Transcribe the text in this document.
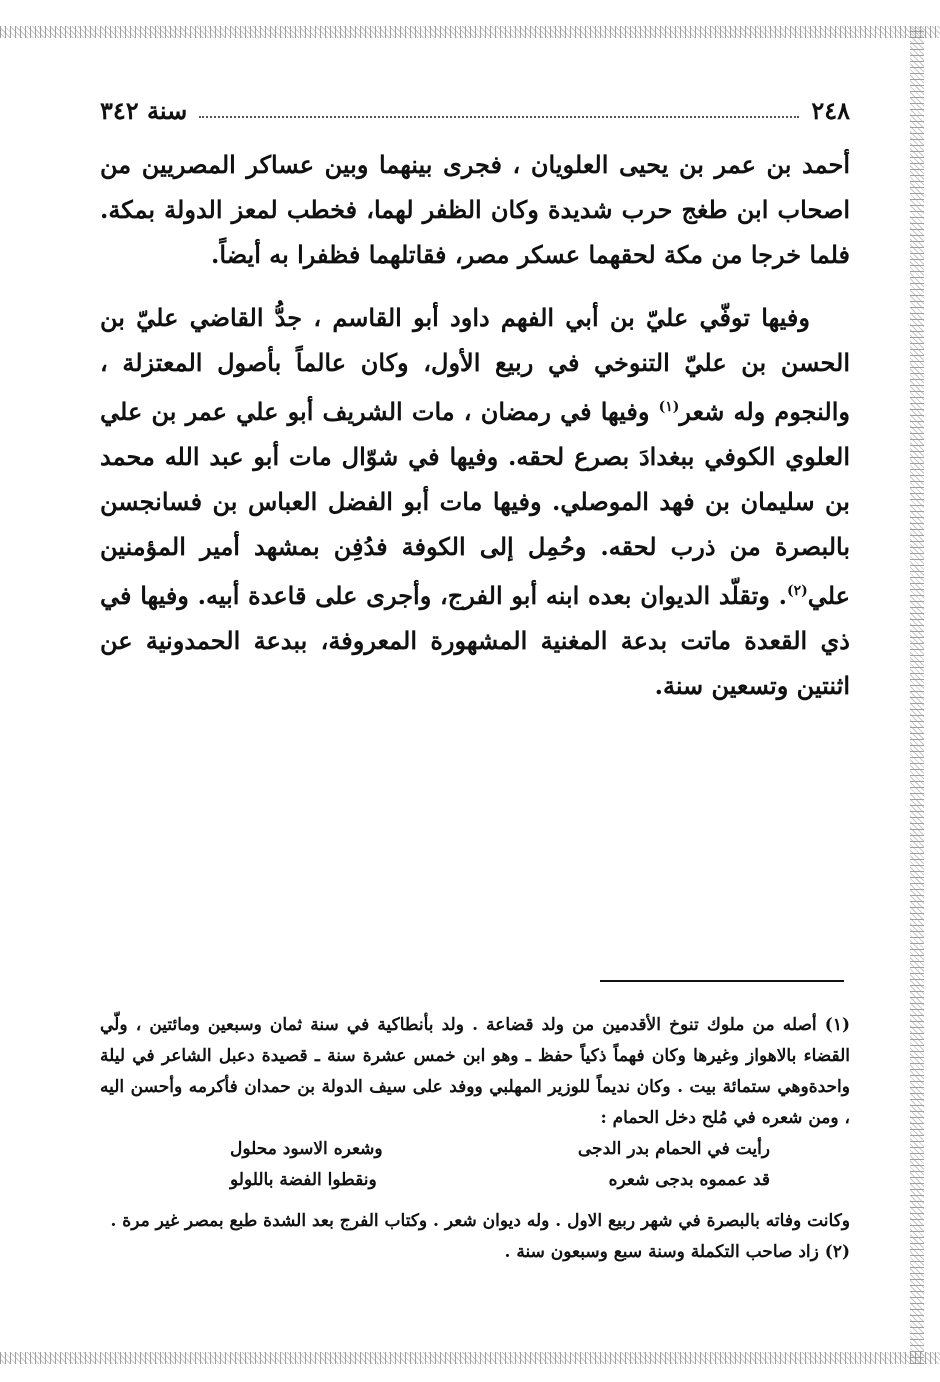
٢٤٨
سنة ٣٤٢

أحمد بن عمر بن يحيى العلويان ، فجرى بينهما وبين عساكر المصريين من اصحاب ابن طغج حرب شديدة وكان الظفر لهما، فخطب لمعز الدولة بمكة. فلما خرجا من مكة لحقهما عسكر مصر، فقاتلهما فظفرا به أيضاً.

وفيها توفّي عليّ بن أبي الفهم داود أبو القاسم ، جدُّ القاضي عليّ بن الحسن بن عليّ التنوخي في ربيع الأول، وكان عالماً بأصول المعتزلة ، والنجوم وله شعر$^{(١)}$ وفيها في رمضان ، مات الشريف أبو علي عمر بن علي العلوي الكوفي ببغدادَ بصرع لحقه. وفيها في شوّال مات أبو عبد الله محمد بن سليمان بن فهد الموصلي. وفيها مات أبو الفضل العباس بن فسانجسن بالبصرة من ذرب لحقه. وحُمِل إلى الكوفة فدُفِن بمشهد أمير المؤمنين علي$^{(٢)}$. وتقلّد الديوان بعده ابنه أبو الفرج، وأجرى على قاعدة أبيه. وفيها في ذي القعدة ماتت بدعة المغنية المشهورة المعروفة، ببدعة الحمدونية عن اثنتين وتسعين سنة.

(١) أصله من ملوك تنوخ الأقدمين من ولد قضاعة . ولد بأنطاكية في سنة ثمان وسبعين ومائتين ، ولّي القضاء بالاهواز وغيرها وكان فهماً ذكياً حفظ ـ وهو ابن خمس عشرة سنة ـ قصيدة دعبل الشاعر في ليلة واحدةوهي ستمائة بيت . وكان نديماً للوزير المهلبي ووفد على سيف الدولة بن حمدان فأكرمه وأحسن اليه ، ومن شعره في مُلح دخل الحمام :

رأيت في الحمام بدر الدجى
وشعره الاسود محلول
قد عمموه بدجى شعره
ونقطوا الفضة باللولو

وكانت وفاته بالبصرة في شهر ربيع الاول . وله ديوان شعر . وكتاب الفرج بعد الشدة طبع بمصر غير مرة .

(٢) زاد صاحب التكملة وسنة سبع وسبعون سنة .
